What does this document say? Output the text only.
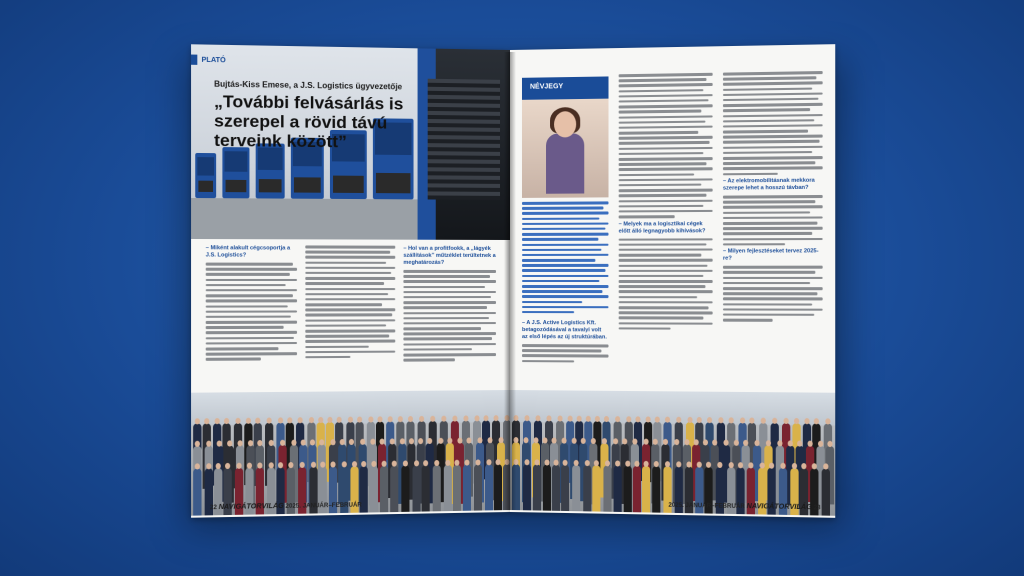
PLATÓ
Bujtás-Kiss Emese, a J.S. Logistics ügyvezetője
„További felvásárlás is szerepel a rövid távú terveink között”
– Miként alakult cégcsoportja a J.S. Logistics?
– Hol van a profitfookk, a „lágyék szállítások” műtzéklet terültetnek a meghatározás?
22 NAVIGÁTORVILÁG 2025. JANUÁR–FEBRUÁR
NÉVJEGY
– A J.S. Active Logistics Kft. betagozódásával a tavalyi volt az első lépés az új struktúrában.
– Melyek ma a logisztikai cégek előtt álló legnagyobb kihívások?
– Az elektromobilitásnak mekkora szerepe lehet a hosszú távban?
– Milyen fejlesztéseket tervez 2025-re?
2025. JANUÁR–FEBRUÁR NAVIGÁTORVILÁG 23
